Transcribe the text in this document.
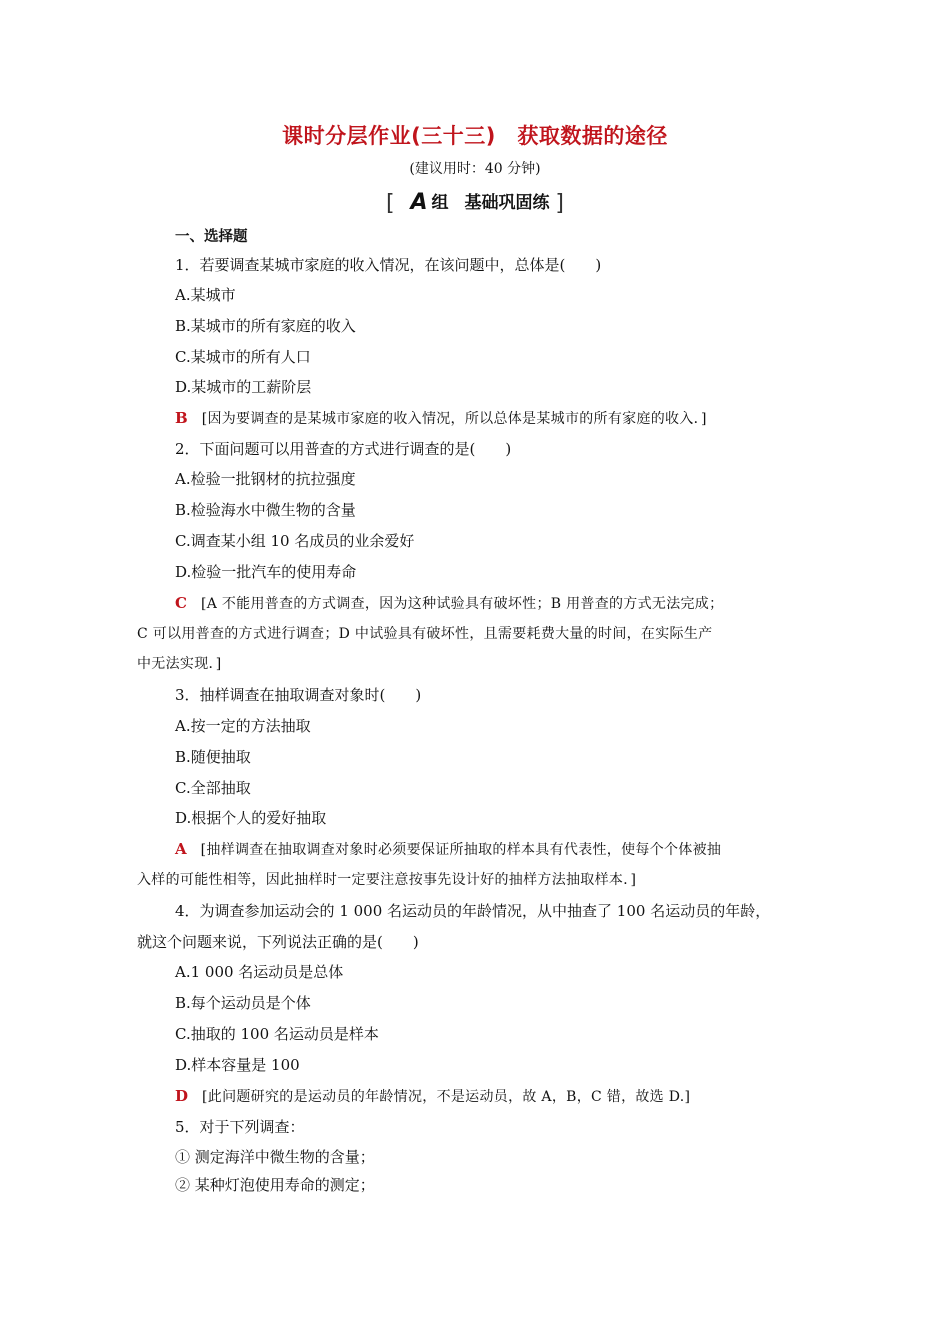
课时分层作业(三十三)　获取数据的途径
(建议用时：40 分钟)
[ A 组 基础巩固练 ]
一、选择题
1．若要调查某城市家庭的收入情况，在该问题中，总体是(　　)
A.某城市
B.某城市的所有家庭的收入
C.某城市的所有人口
D.某城市的工薪阶层
B [因为要调查的是某城市家庭的收入情况，所以总体是某城市的所有家庭的收入．]
2．下面问题可以用普查的方式进行调查的是(　　)
A.检验一批钢材的抗拉强度
B.检验海水中微生物的含量
C.调查某小组 10 名成员的业余爱好
D.检验一批汽车的使用寿命
C [A 不能用普查的方式调查，因为这种试验具有破坏性；B 用普查的方式无法完成；
C 可以用普查的方式进行调查；D 中试验具有破坏性，且需要耗费大量的时间，在实际生产
中无法实现．]
3．抽样调查在抽取调查对象时(　　)
A.按一定的方法抽取
B.随便抽取
C.全部抽取
D.根据个人的爱好抽取
A [抽样调查在抽取调查对象时必须要保证所抽取的样本具有代表性，使每个个体被抽
入样的可能性相等，因此抽样时一定要注意按事先设计好的抽样方法抽取样本．]
4．为调查参加运动会的 1 000 名运动员的年龄情况，从中抽查了 100 名运动员的年龄，
就这个问题来说，下列说法正确的是(　　)
A.1 000 名运动员是总体
B.每个运动员是个体
C.抽取的 100 名运动员是样本
D.样本容量是 100
D [此问题研究的是运动员的年龄情况，不是运动员，故 A，B，C 错，故选 D.]
5．对于下列调查：
① 测定海洋中微生物的含量；
② 某种灯泡使用寿命的测定；
